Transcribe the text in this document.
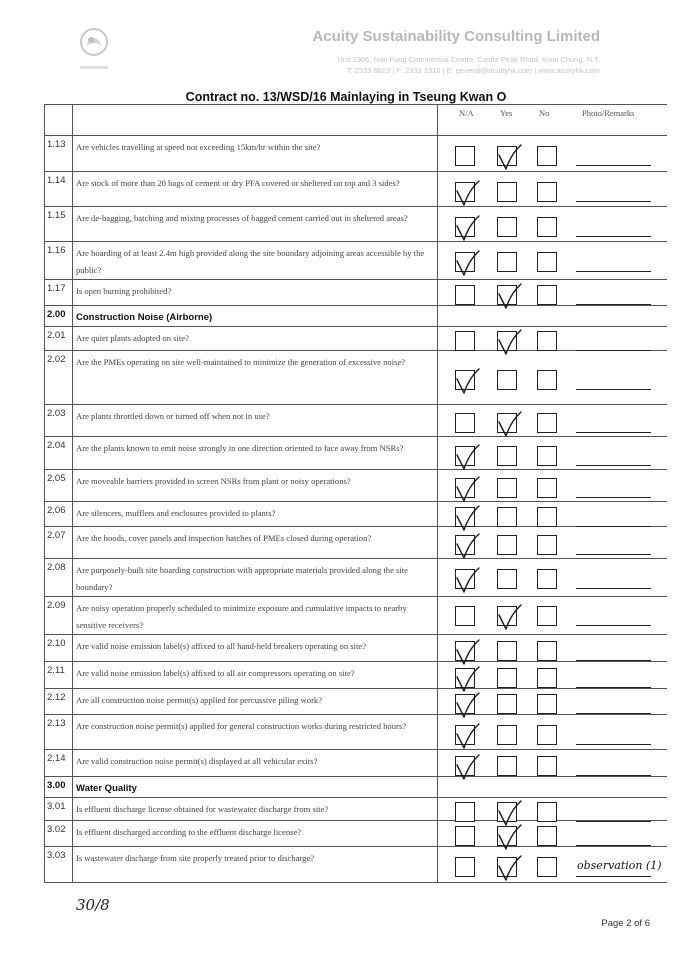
Acuity Sustainability Consulting Limited
Unit 1906, Nan Fung Commercial Centre, Castle Peak Road, Kwai Chung, N.T.
T: 2333 6823 | F: 2333 1316 | E: general@acuityhk.com | www.acuityhk.com
Contract no. 13/WSD/16 Mainlaying in Tseung Kwan O

		N/A Yes No Photo/Remarks

1.13	Are vehicles travelling at speed not exceeding 15km/hr within the site?	

1.14	Are stock of more than 20 bags of cement or dry PFA covered or sheltered on top and 3 sides?	

1.15	Are de-bagging, batching and mixing processes of bagged cement carried out in sheltered areas?	

1.16	Are hoarding of at least 2.4m high provided along the site boundary adjoining areas accessible by the public?	

1.17	Is open burning prohibited?	

2.00	Construction Noise (Airborne)	
2.01	Are quiet plants adopted on site?	

2.02	Are the PMEs operating on site well-maintained to minimize the generation of excessive noise?	

2.03	Are plants throttled down or turned off when not in use?	

2.04	Are the plants known to emit noise strongly in one direction oriented to face away from NSRs?	

2.05	Are moveable barriers provided to screen NSRs from plant or noisy operations?	

2.06	Are silencers, mufflers and enclosures provided to plants?	

2.07	Are the hoods, cover panels and inspection hatches of PMEs closed during operation?	

2.08	Are purposely-built site hoarding construction with appropriate materials provided along the site boundary?	

2.09	Are noisy operation properly scheduled to minimize exposure and cumulative impacts to nearby sensitive receivers?	

2.10	Are valid noise emission label(s) affixed to all hand-held breakers operating on site?	

2.11	Are valid noise emission label(s) affixed to all air compressors operating on site?	

2.12	Are all construction noise permit(s) applied for percussive piling work?	

2.13	Are construction noise permit(s) applied for general construction works during restricted hours?	

2.14	Are valid construction noise permit(s) displayed at all vehicular exits?	

3.00	Water Quality	
3.01	Is effluent discharge license obtained for wastewater discharge from site?	

3.02	Is effluent discharged according to the effluent discharge license?	

3.03	Is wastewater discharge from site properly treated prior to discharge?	observation (1)
30/8
Page 2 of 6
